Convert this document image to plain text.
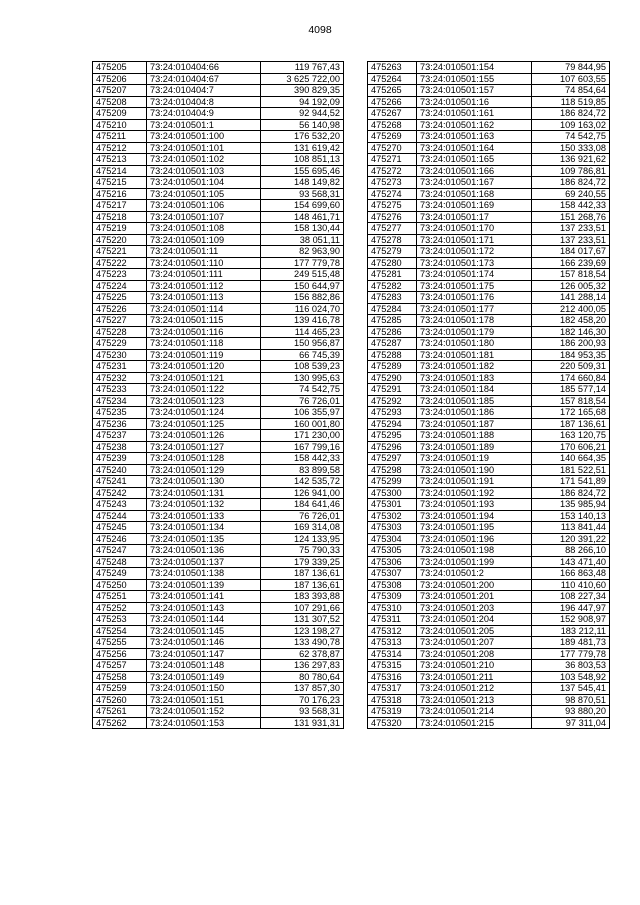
4098
475205	73:24:010404:66	119 767,43
475206	73:24:010404:67	3 625 722,00
475207	73:24:010404:7	390 829,35
475208	73:24:010404:8	94 192,09
475209	73:24:010404:9	92 944,52
475210	73:24:010501:1	56 140,98
475211	73:24:010501:100	176 532,20
475212	73:24:010501:101	131 619,42
475213	73:24:010501:102	108 851,13
475214	73:24:010501:103	155 695,46
475215	73:24:010501:104	148 149,82
475216	73:24:010501:105	93 568,31
475217	73:24:010501:106	154 699,60
475218	73:24:010501:107	148 461,71
475219	73:24:010501:108	158 130,44
475220	73:24:010501:109	38 051,11
475221	73:24:010501:11	82 963,90
475222	73:24:010501:110	177 779,78
475223	73:24:010501:111	249 515,48
475224	73:24:010501:112	150 644,97
475225	73:24:010501:113	156 882,86
475226	73:24:010501:114	116 024,70
475227	73:24:010501:115	139 416,78
475228	73:24:010501:116	114 465,23
475229	73:24:010501:118	150 956,87
475230	73:24:010501:119	66 745,39
475231	73:24:010501:120	108 539,23
475232	73:24:010501:121	130 995,63
475233	73:24:010501:122	74 542,75
475234	73:24:010501:123	76 726,01
475235	73:24:010501:124	106 355,97
475236	73:24:010501:125	160 001,80
475237	73:24:010501:126	171 230,00
475238	73:24:010501:127	167 799,16
475239	73:24:010501:128	158 442,33
475240	73:24:010501:129	83 899,58
475241	73:24:010501:130	142 535,72
475242	73:24:010501:131	126 941,00
475243	73:24:010501:132	184 641,46
475244	73:24:010501:133	76 726,01
475245	73:24:010501:134	169 314,08
475246	73:24:010501:135	124 133,95
475247	73:24:010501:136	75 790,33
475248	73:24:010501:137	179 339,25
475249	73:24:010501:138	187 136,61
475250	73:24:010501:139	187 136,61
475251	73:24:010501:141	183 393,88
475252	73:24:010501:143	107 291,66
475253	73:24:010501:144	131 307,52
475254	73:24:010501:145	123 198,27
475255	73:24:010501:146	133 490,78
475256	73:24:010501:147	62 378,87
475257	73:24:010501:148	136 297,83
475258	73:24:010501:149	80 780,64
475259	73:24:010501:150	137 857,30
475260	73:24:010501:151	70 176,23
475261	73:24:010501:152	93 568,31
475262	73:24:010501:153	131 931,31
475263	73:24:010501:154	79 844,95
475264	73:24:010501:155	107 603,55
475265	73:24:010501:157	74 854,64
475266	73:24:010501:16	118 519,85
475267	73:24:010501:161	186 824,72
475268	73:24:010501:162	109 163,02
475269	73:24:010501:163	74 542,75
475270	73:24:010501:164	150 333,08
475271	73:24:010501:165	136 921,62
475272	73:24:010501:166	109 786,81
475273	73:24:010501:167	186 824,72
475274	73:24:010501:168	69 240,55
475275	73:24:010501:169	158 442,33
475276	73:24:010501:17	151 268,76
475277	73:24:010501:170	137 233,51
475278	73:24:010501:171	137 233,51
475279	73:24:010501:172	184 017,67
475280	73:24:010501:173	166 239,69
475281	73:24:010501:174	157 818,54
475282	73:24:010501:175	126 005,32
475283	73:24:010501:176	141 288,14
475284	73:24:010501:177	212 400,05
475285	73:24:010501:178	182 458,20
475286	73:24:010501:179	182 146,30
475287	73:24:010501:180	186 200,93
475288	73:24:010501:181	184 953,35
475289	73:24:010501:182	220 509,31
475290	73:24:010501:183	174 660,84
475291	73:24:010501:184	185 577,14
475292	73:24:010501:185	157 818,54
475293	73:24:010501:186	172 165,68
475294	73:24:010501:187	187 136,61
475295	73:24:010501:188	163 120,75
475296	73:24:010501:189	170 606,21
475297	73:24:010501:19	140 664,35
475298	73:24:010501:190	181 522,51
475299	73:24:010501:191	171 541,89
475300	73:24:010501:192	186 824,72
475301	73:24:010501:193	135 985,94
475302	73:24:010501:194	153 140,13
475303	73:24:010501:195	113 841,44
475304	73:24:010501:196	120 391,22
475305	73:24:010501:198	88 266,10
475306	73:24:010501:199	143 471,40
475307	73:24:010501:2	166 863,48
475308	73:24:010501:200	110 410,60
475309	73:24:010501:201	108 227,34
475310	73:24:010501:203	196 447,97
475311	73:24:010501:204	152 908,97
475312	73:24:010501:205	183 212,11
475313	73:24:010501:207	189 481,73
475314	73:24:010501:208	177 779,78
475315	73:24:010501:210	36 803,53
475316	73:24:010501:211	103 548,92
475317	73:24:010501:212	137 545,41
475318	73:24:010501:213	98 870,51
475319	73:24:010501:214	93 880,20
475320	73:24:010501:215	97 311,04
